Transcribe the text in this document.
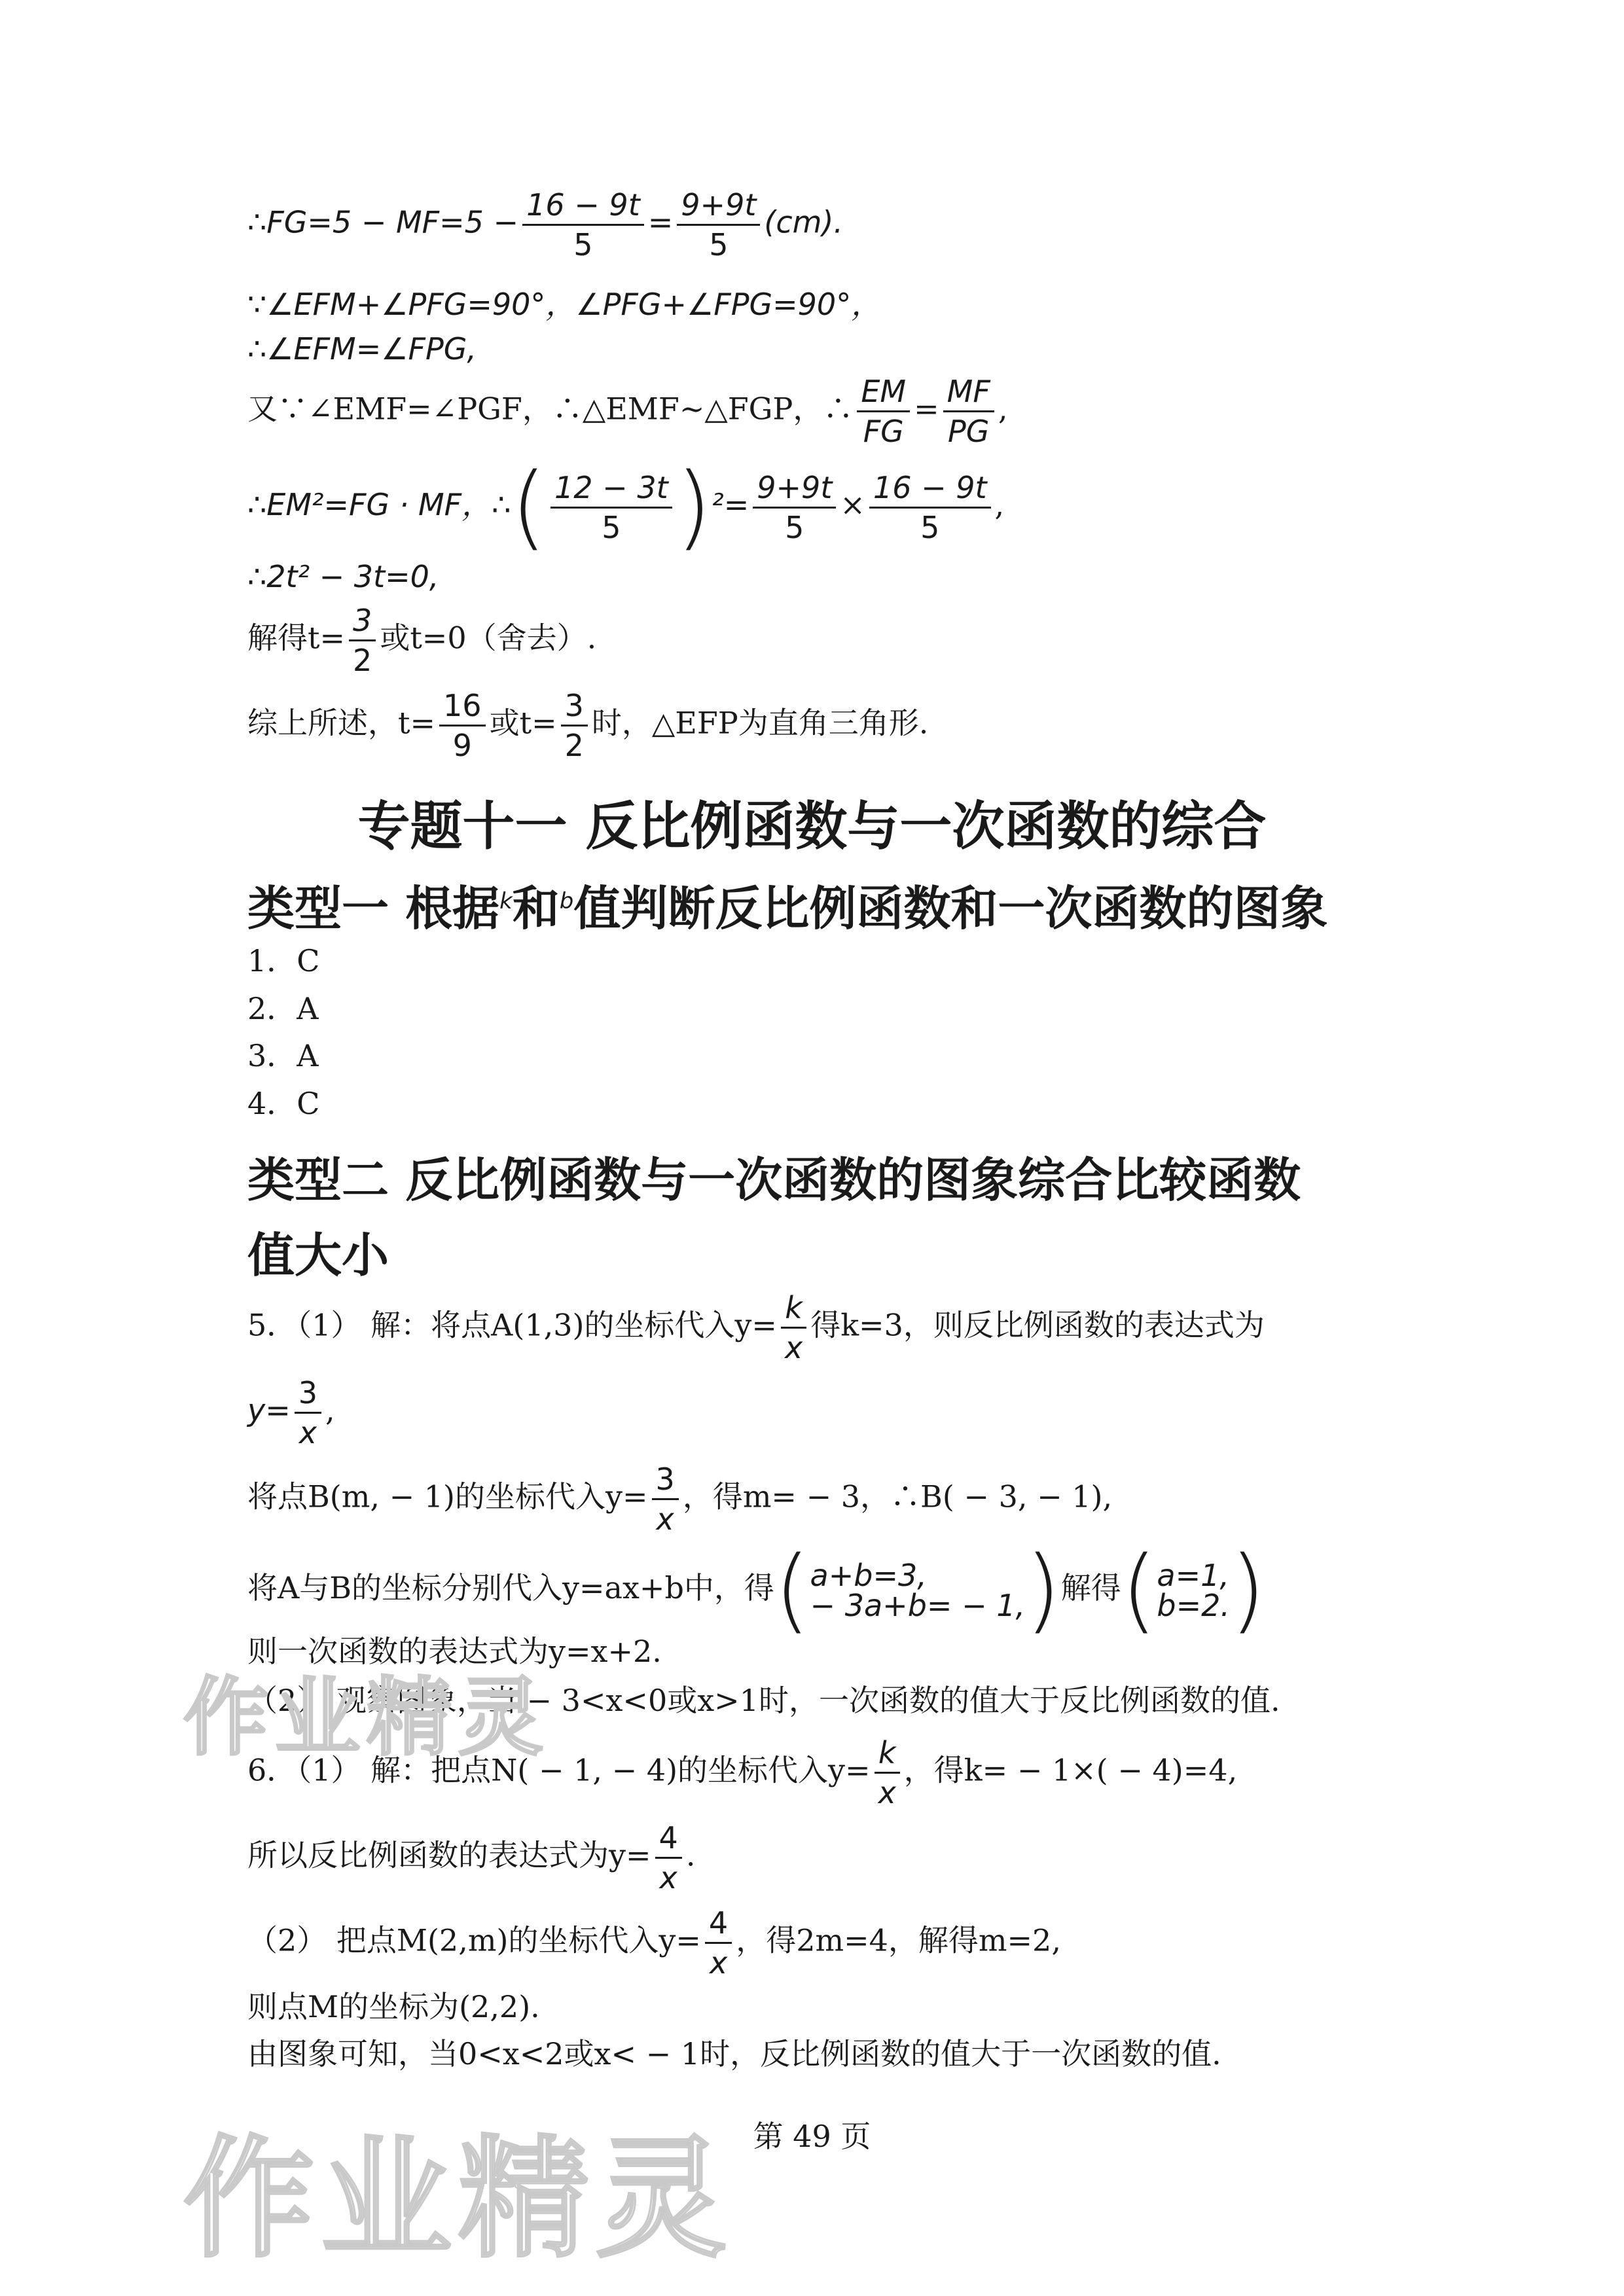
∴FG=5 − $MF=5 - \frac{16 - 9t}{5} = \frac{9+9t}{5} (cm)$.
∵∠EFM+∠PFG=90°，∠PFG+∠FPG=90°，
∴∠EFM=∠FPG,
又∵∠EMF=∠PGF，∴△EMF∼△FGP，∴ $\frac{EM}{FG} = \frac{MF}{PG}$ ,
∴EM²=FG · MF，∴( $\frac{12 - 3t}{5} )^2= \frac{9+9t}{5} \times \frac{16 - 9t}{5}$ ,
∴2t² − 3t=0,
解得$t= \frac{3}{2}$ 或t=0（舍去）.
综上所述，$t= \frac{16}{9}$ 或$t= \frac{3}{2}$ 时，△EFP为直角三角形.
专题十一 反比例函数与一次函数的综合
类型一 根据$^k$和$^b$值判断反比例函数和一次函数的图象
1．C
2．A
3．A
4．C
类型二 反比例函数与一次函数的图象综合比较函数
值大小
5．（1） 解：将点A(1,3)的坐标代入$y= \frac{k}{x}$ 得k=3，则反比例函数的表达式为
$y= \frac{3}{x}$ ,
将点B(m, − 1)的坐标代入$y= \frac{3}{x}$ ，得m= − 3，∴B( − 3, − 1),
将A与B的坐标分别代入y=ax+b中，得( a+b=3,
− 3a+b= − 1, )解得( a=1,
b=2. )
则一次函数的表达式为y=x+2.
（2） 观察图象，当 − 3<x<0或x>1时，一次函数的值大于反比例函数的值.
6．（1） 解：把点N( − 1, − 4)的坐标代入$y= \frac{k}{x}$ ，得k= − 1×( − 4)=4,
所以反比例函数的表达式为$y= \frac{4}{x}$ .
（2） 把点M(2,m)的坐标代入$y= \frac{4}{x}$ ，得2m=4，解得m=2,
则点M的坐标为(2,2).
由图象可知，当0<x<2或x< − 1时，反比例函数的值大于一次函数的值.
作业精灵
作业精灵 第 49 页
